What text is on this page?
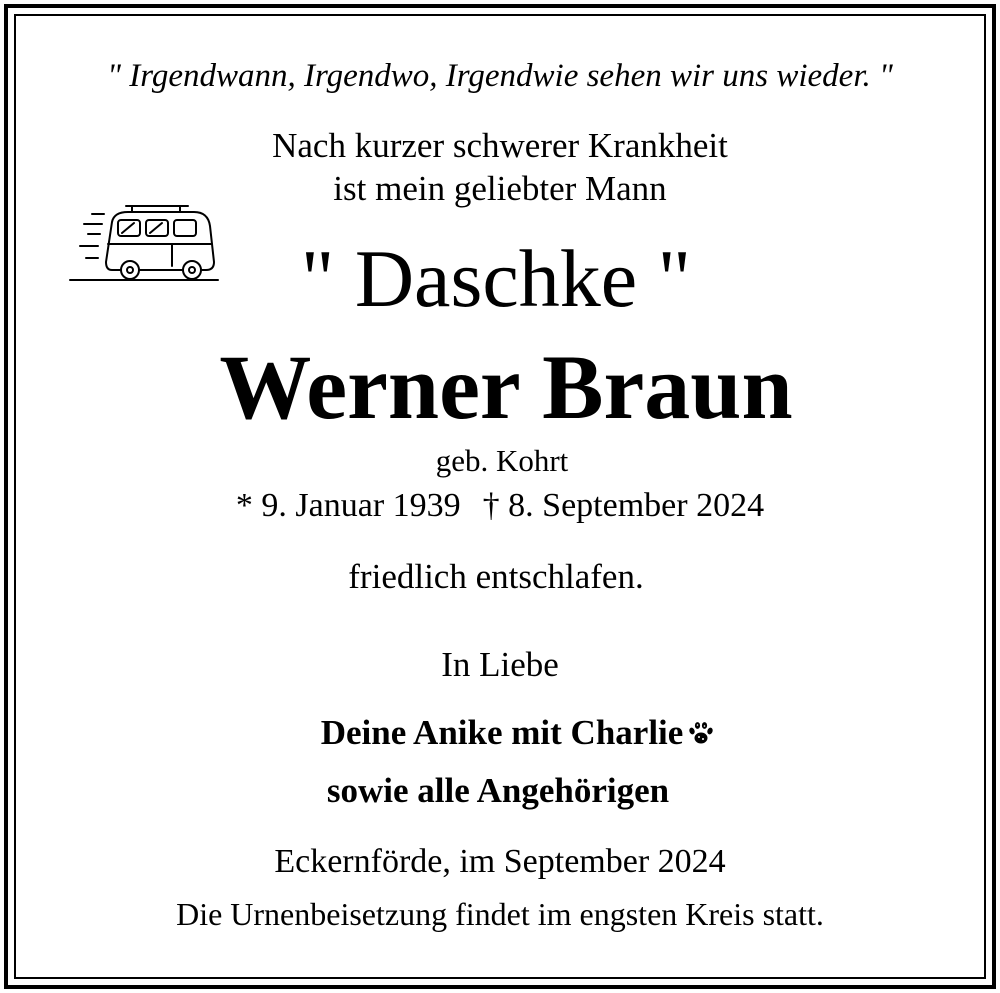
" Irgendwann, Irgendwo, Irgendwie sehen wir uns wieder. "
Nach kurzer schwerer Krankheit
ist mein geliebter Mann
" Daschke "
Werner Braun
geb. Kohrt
* 9. Januar 1939 † 8. September 2024
friedlich entschlafen.
In Liebe
Deine Anike mit Charlie
sowie alle Angehörigen
Eckernförde, im September 2024
Die Urnenbeisetzung findet im engsten Kreis statt.
